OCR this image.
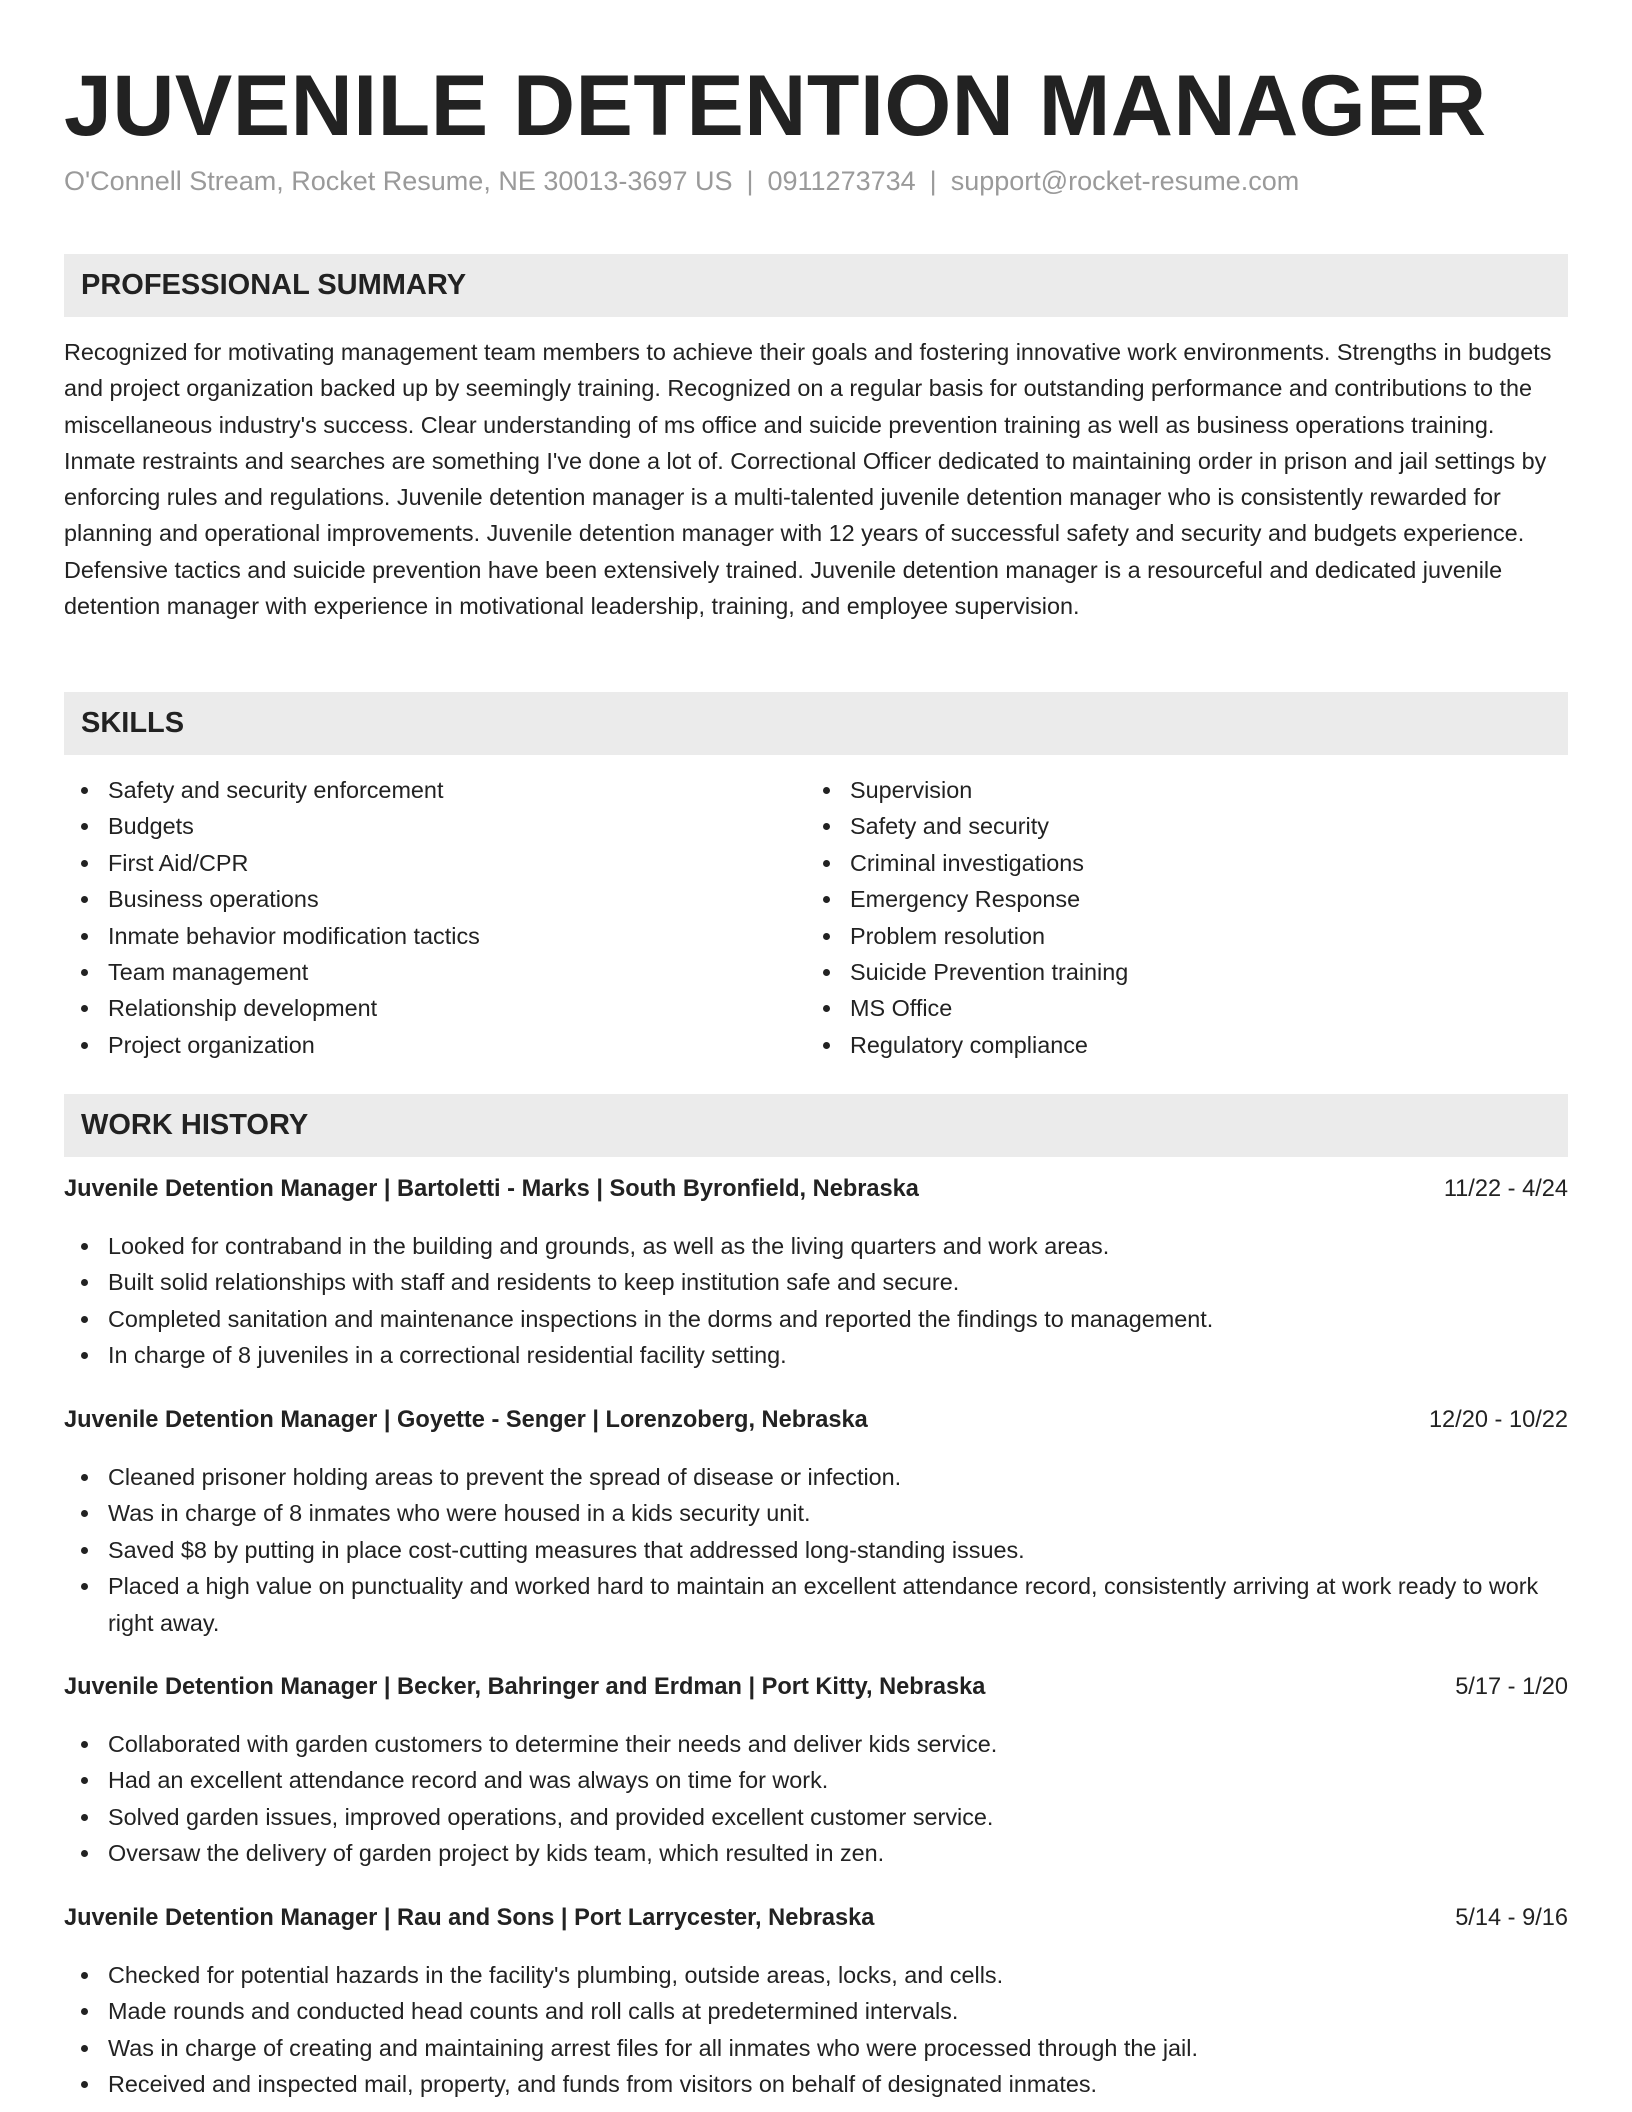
JUVENILE DETENTION MANAGER
O'Connell Stream, Rocket Resume, NE 30013-3697 US | 0911273734 | support@rocket-resume.com
PROFESSIONAL SUMMARY

Recognized for motivating management team members to achieve their goals and fostering innovative work environments. Strengths in budgets and project organization backed up by seemingly training. Recognized on a regular basis for outstanding performance and contributions to the miscellaneous industry's success. Clear understanding of ms office and suicide prevention training as well as business operations training. Inmate restraints and searches are something I've done a lot of. Correctional Officer dedicated to maintaining order in prison and jail settings by enforcing rules and regulations. Juvenile detention manager is a multi-talented juvenile detention manager who is consistently rewarded for planning and operational improvements. Juvenile detention manager with 12 years of successful safety and security and budgets experience. Defensive tactics and suicide prevention have been extensively trained. Juvenile detention manager is a resourceful and dedicated juvenile detention manager with experience in motivational leadership, training, and employee supervision.

SKILLS
Safety and security enforcement
Budgets
First Aid/CPR
Business operations
Inmate behavior modification tactics
Team management
Relationship development
Project organization
Supervision
Safety and security
Criminal investigations
Emergency Response
Problem resolution
Suicide Prevention training
MS Office
Regulatory compliance
WORK HISTORY
Juvenile Detention Manager | Bartoletti - Marks | South Byronfield, Nebraska	11/22 - 4/24
Looked for contraband in the building and grounds, as well as the living quarters and work areas.
Built solid relationships with staff and residents to keep institution safe and secure.
Completed sanitation and maintenance inspections in the dorms and reported the findings to management.
In charge of 8 juveniles in a correctional residential facility setting.
Juvenile Detention Manager | Goyette - Senger | Lorenzoberg, Nebraska	12/20 - 10/22
Cleaned prisoner holding areas to prevent the spread of disease or infection.
Was in charge of 8 inmates who were housed in a kids security unit.
Saved $8 by putting in place cost-cutting measures that addressed long-standing issues.
Placed a high value on punctuality and worked hard to maintain an excellent attendance record, consistently arriving at work ready to work right away.
Juvenile Detention Manager | Becker, Bahringer and Erdman | Port Kitty, Nebraska	5/17 - 1/20
Collaborated with garden customers to determine their needs and deliver kids service.
Had an excellent attendance record and was always on time for work.
Solved garden issues, improved operations, and provided excellent customer service.
Oversaw the delivery of garden project by kids team, which resulted in zen.
Juvenile Detention Manager | Rau and Sons | Port Larrycester, Nebraska	5/14 - 9/16
Checked for potential hazards in the facility's plumbing, outside areas, locks, and cells.
Made rounds and conducted head counts and roll calls at predetermined intervals.
Was in charge of creating and maintaining arrest files for all inmates who were processed through the jail.
Received and inspected mail, property, and funds from visitors on behalf of designated inmates.
